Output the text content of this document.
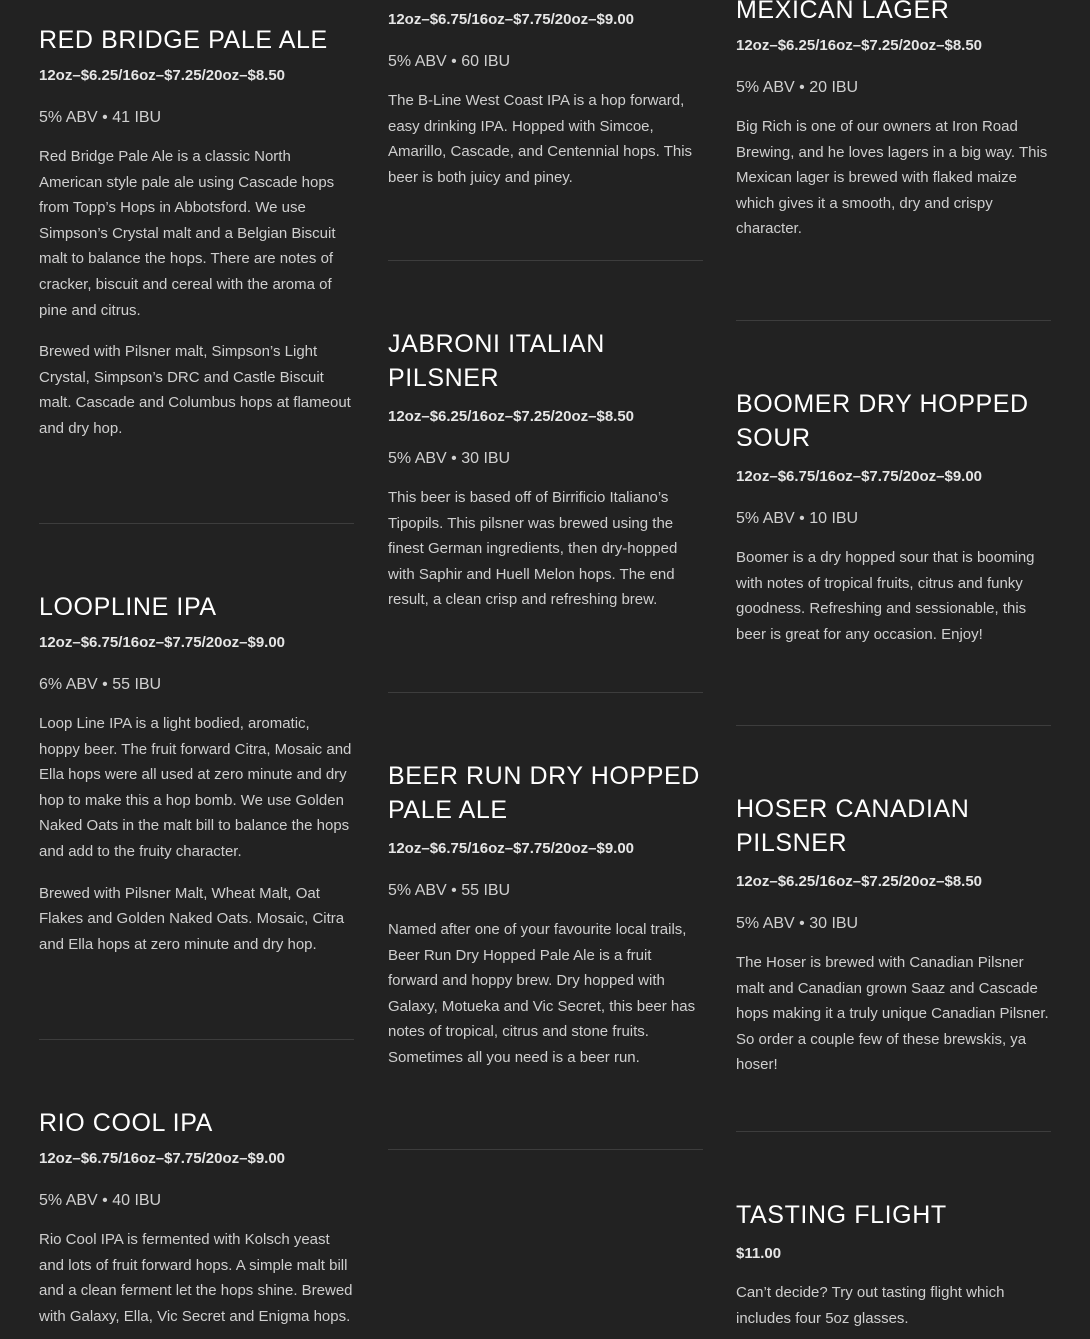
RED BRIDGE PALE ALE

12oz–$6.25/16oz–$7.25/20oz–$8.50

5% ABV • 41 IBU

Red Bridge Pale Ale is a classic North American style pale ale using Cascade hops from Topp’s Hops in Abbotsford. We use Simpson’s Crystal malt and a Belgian Biscuit malt to balance the hops. There are notes of cracker, biscuit and cereal with the aroma of pine and citrus.

Brewed with Pilsner malt, Simpson’s Light Crystal, Simpson’s DRC and Castle Biscuit malt. Cascade and Columbus hops at flameout and dry hop.

LOOPLINE IPA

12oz–$6.75/16oz–$7.75/20oz–$9.00

6% ABV • 55 IBU

Loop Line IPA is a light bodied, aromatic, hoppy beer. The fruit forward Citra, Mosaic and Ella hops were all used at zero minute and dry hop to make this a hop bomb. We use Golden Naked Oats in the malt bill to balance the hops and add to the fruity character.

Brewed with Pilsner Malt, Wheat Malt, Oat Flakes and Golden Naked Oats. Mosaic, Citra and Ella hops at zero minute and dry hop.

RIO COOL IPA

12oz–$6.75/16oz–$7.75/20oz–$9.00

5% ABV • 40 IBU

Rio Cool IPA is fermented with Kolsch yeast and lots of fruit forward hops. A simple malt bill and a clean ferment let the hops shine. Brewed with Galaxy, Ella, Vic Secret and Enigma hops.

12oz–$6.75/16oz–$7.75/20oz–$9.00

5% ABV • 60 IBU

The B-Line West Coast IPA is a hop forward, easy drinking IPA. Hopped with Simcoe, Amarillo, Cascade, and Centennial hops. This beer is both juicy and piney.

JABRONI ITALIAN PILSNER

12oz–$6.25/16oz–$7.25/20oz–$8.50

5% ABV • 30 IBU

This beer is based off of Birrificio Italiano’s Tipopils. This pilsner was brewed using the finest German ingredients, then dry-hopped with Saphir and Huell Melon hops. The end result, a clean crisp and refreshing brew.

BEER RUN DRY HOPPED PALE ALE

12oz–$6.75/16oz–$7.75/20oz–$9.00

5% ABV • 55 IBU

Named after one of your favourite local trails, Beer Run Dry Hopped Pale Ale is a fruit forward and hoppy brew. Dry hopped with Galaxy, Motueka and Vic Secret, this beer has notes of tropical, citrus and stone fruits. Sometimes all you need is a beer run.

MEXICAN LAGER

12oz–$6.25/16oz–$7.25/20oz–$8.50

5% ABV • 20 IBU

Big Rich is one of our owners at Iron Road Brewing, and he loves lagers in a big way. This Mexican lager is brewed with flaked maize which gives it a smooth, dry and crispy character.

BOOMER DRY HOPPED SOUR

12oz–$6.75/16oz–$7.75/20oz–$9.00

5% ABV • 10 IBU

Boomer is a dry hopped sour that is booming with notes of tropical fruits, citrus and funky goodness. Refreshing and sessionable, this beer is great for any occasion. Enjoy!

HOSER CANADIAN PILSNER

12oz–$6.25/16oz–$7.25/20oz–$8.50

5% ABV • 30 IBU

The Hoser is brewed with Canadian Pilsner malt and Canadian grown Saaz and Cascade hops making it a truly unique Canadian Pilsner. So order a couple few of these brewskis, ya hoser!

TASTING FLIGHT

$11.00

Can’t decide? Try out tasting flight which includes four 5oz glasses.
